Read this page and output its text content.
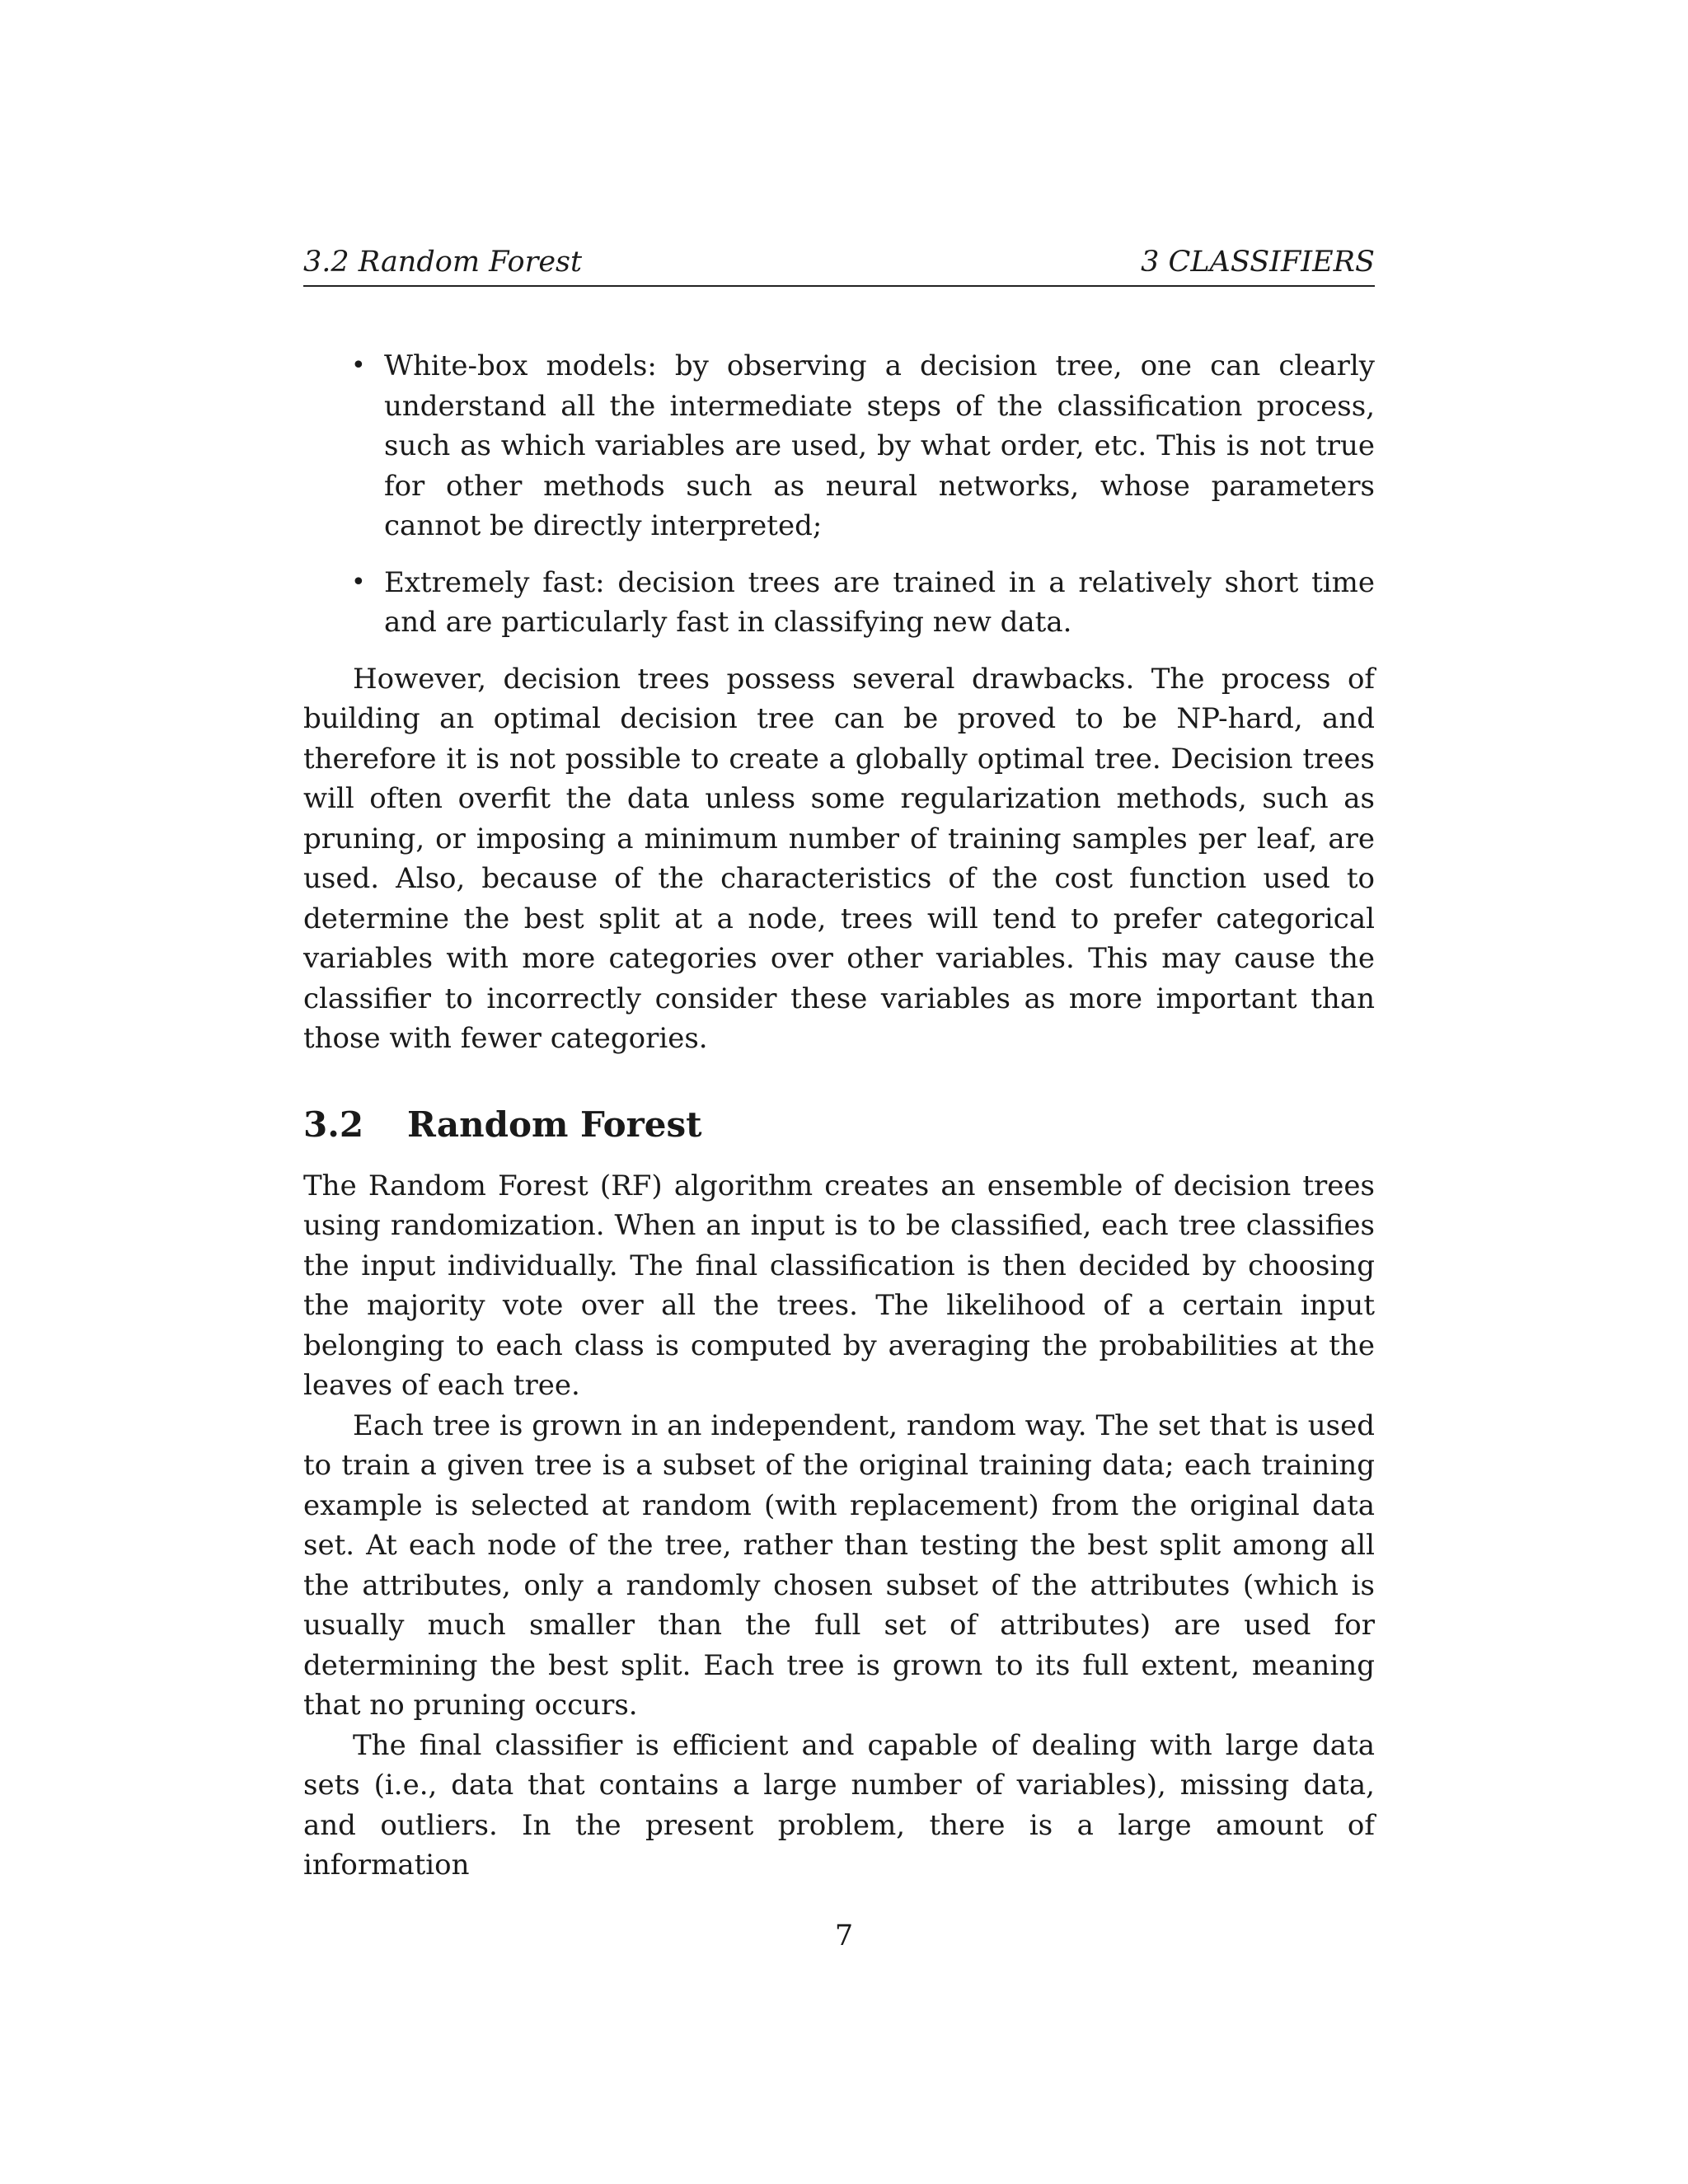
3.2 Random Forest	3 CLASSIFIERS
• White-box models: by observing a decision tree, one can clearly understand all the intermediate steps of the classification process, such as which variables are used, by what order, etc. This is not true for other methods such as neural networks, whose parameters cannot be directly interpreted;
• Extremely fast: decision trees are trained in a relatively short time and are particularly fast in classifying new data.

However, decision trees possess several drawbacks. The process of building an optimal decision tree can be proved to be NP-hard, and therefore it is not possible to create a globally optimal tree. Decision trees will often overfit the data unless some regularization methods, such as pruning, or imposing a minimum number of training samples per leaf, are used. Also, because of the characteristics of the cost function used to determine the best split at a node, trees will tend to prefer categorical variables with more categories over other variables. This may cause the classifier to incorrectly consider these variables as more important than those with fewer categories.

3.2 Random Forest

The Random Forest (RF) algorithm creates an ensemble of decision trees using randomization. When an input is to be classified, each tree classifies the input individually. The final classification is then decided by choosing the majority vote over all the trees. The likelihood of a certain input belonging to each class is computed by averaging the probabilities at the leaves of each tree.

Each tree is grown in an independent, random way. The set that is used to train a given tree is a subset of the original training data; each training example is selected at random (with replacement) from the original data set. At each node of the tree, rather than testing the best split among all the attributes, only a randomly chosen subset of the attributes (which is usually much smaller than the full set of attributes) are used for determining the best split. Each tree is grown to its full extent, meaning that no pruning occurs.

The final classifier is efficient and capable of dealing with large data sets (i.e., data that contains a large number of variables), missing data, and outliers. In the present problem, there is a large amount of information

7
